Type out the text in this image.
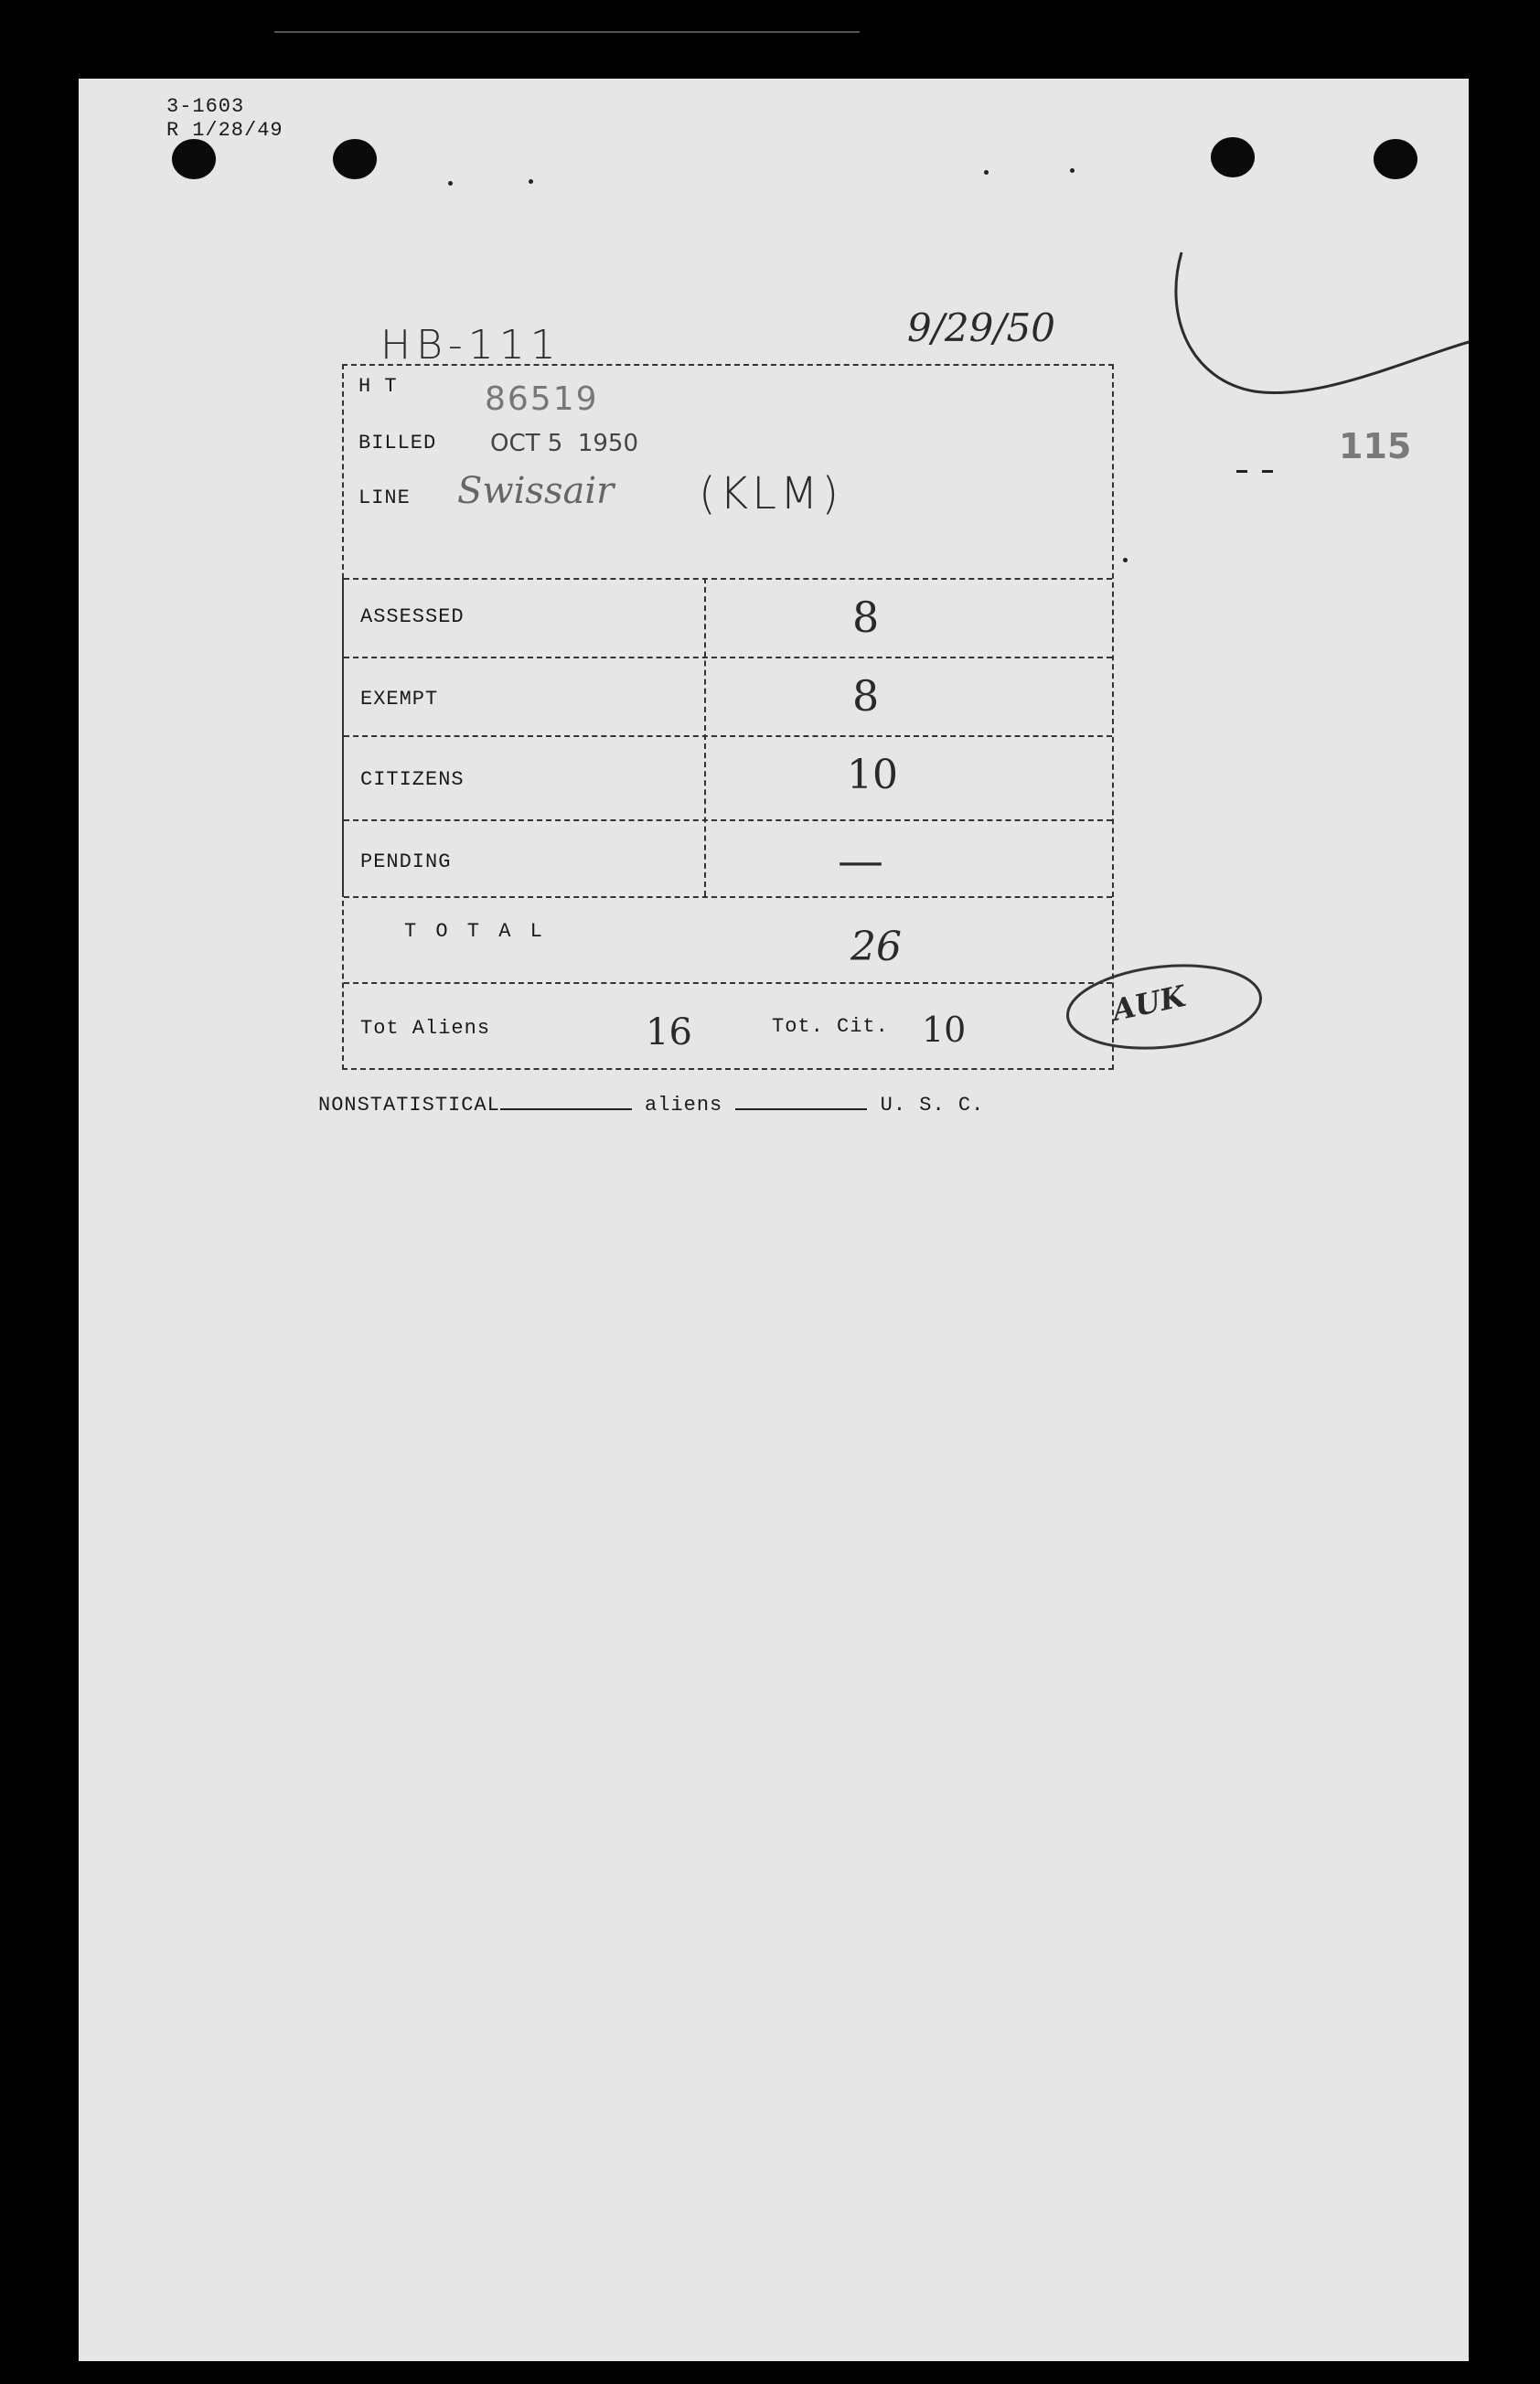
3-1603
R 1/28/49
HB-111	9/29/50
115
H T	86519
BILLED OCT 5  1950
LINE Swissair (KLM)
ASSESSED	8
EXEMPT	8
CITIZENS	10
PENDING	—
T O T A L	26
Tot Aliens	16	Tot. Cit. 10
AUK
NONSTATISTICAL	aliens	U. S. C.
